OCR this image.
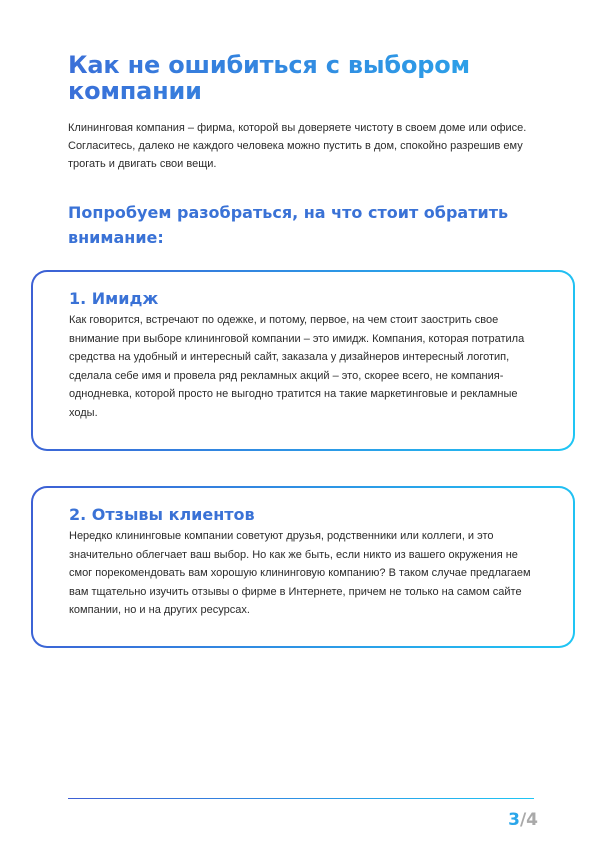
Как не ошибиться с выбором компании

Клининговая компания – фирма, которой вы доверяете чистоту в своем доме или офисе. Согласитесь, далеко не каждого человека можно пустить в дом, спокойно разрешив ему трогать и двигать свои вещи.

Попробуем разобраться, на что стоит обратить внимание:
1. Имидж

Как говорится, встречают по одежке, и потому, первое, на чем стоит заострить свое внимание при выборе клининговой компании – это имидж. Компания, которая потратила средства на удобный и интересный сайт, заказала у дизайнеров интересный логотип, сделала себе имя и провела ряд рекламных акций – это, скорее всего, не компания-однодневка, которой просто не выгодно тратится на такие маркетинговые и рекламные ходы.

2. Отзывы клиентов

Нередко клининговые компании советуют друзья, родственники или коллеги, и это значительно облегчает ваш выбор. Но как же быть, если никто из вашего окружения не смог порекомендовать вам хорошую клининговую компанию? В таком случае предлагаем вам тщательно изучить отзывы о фирме в Интернете, причем не только на самом сайте компании, но и на других ресурсах.

3/4
